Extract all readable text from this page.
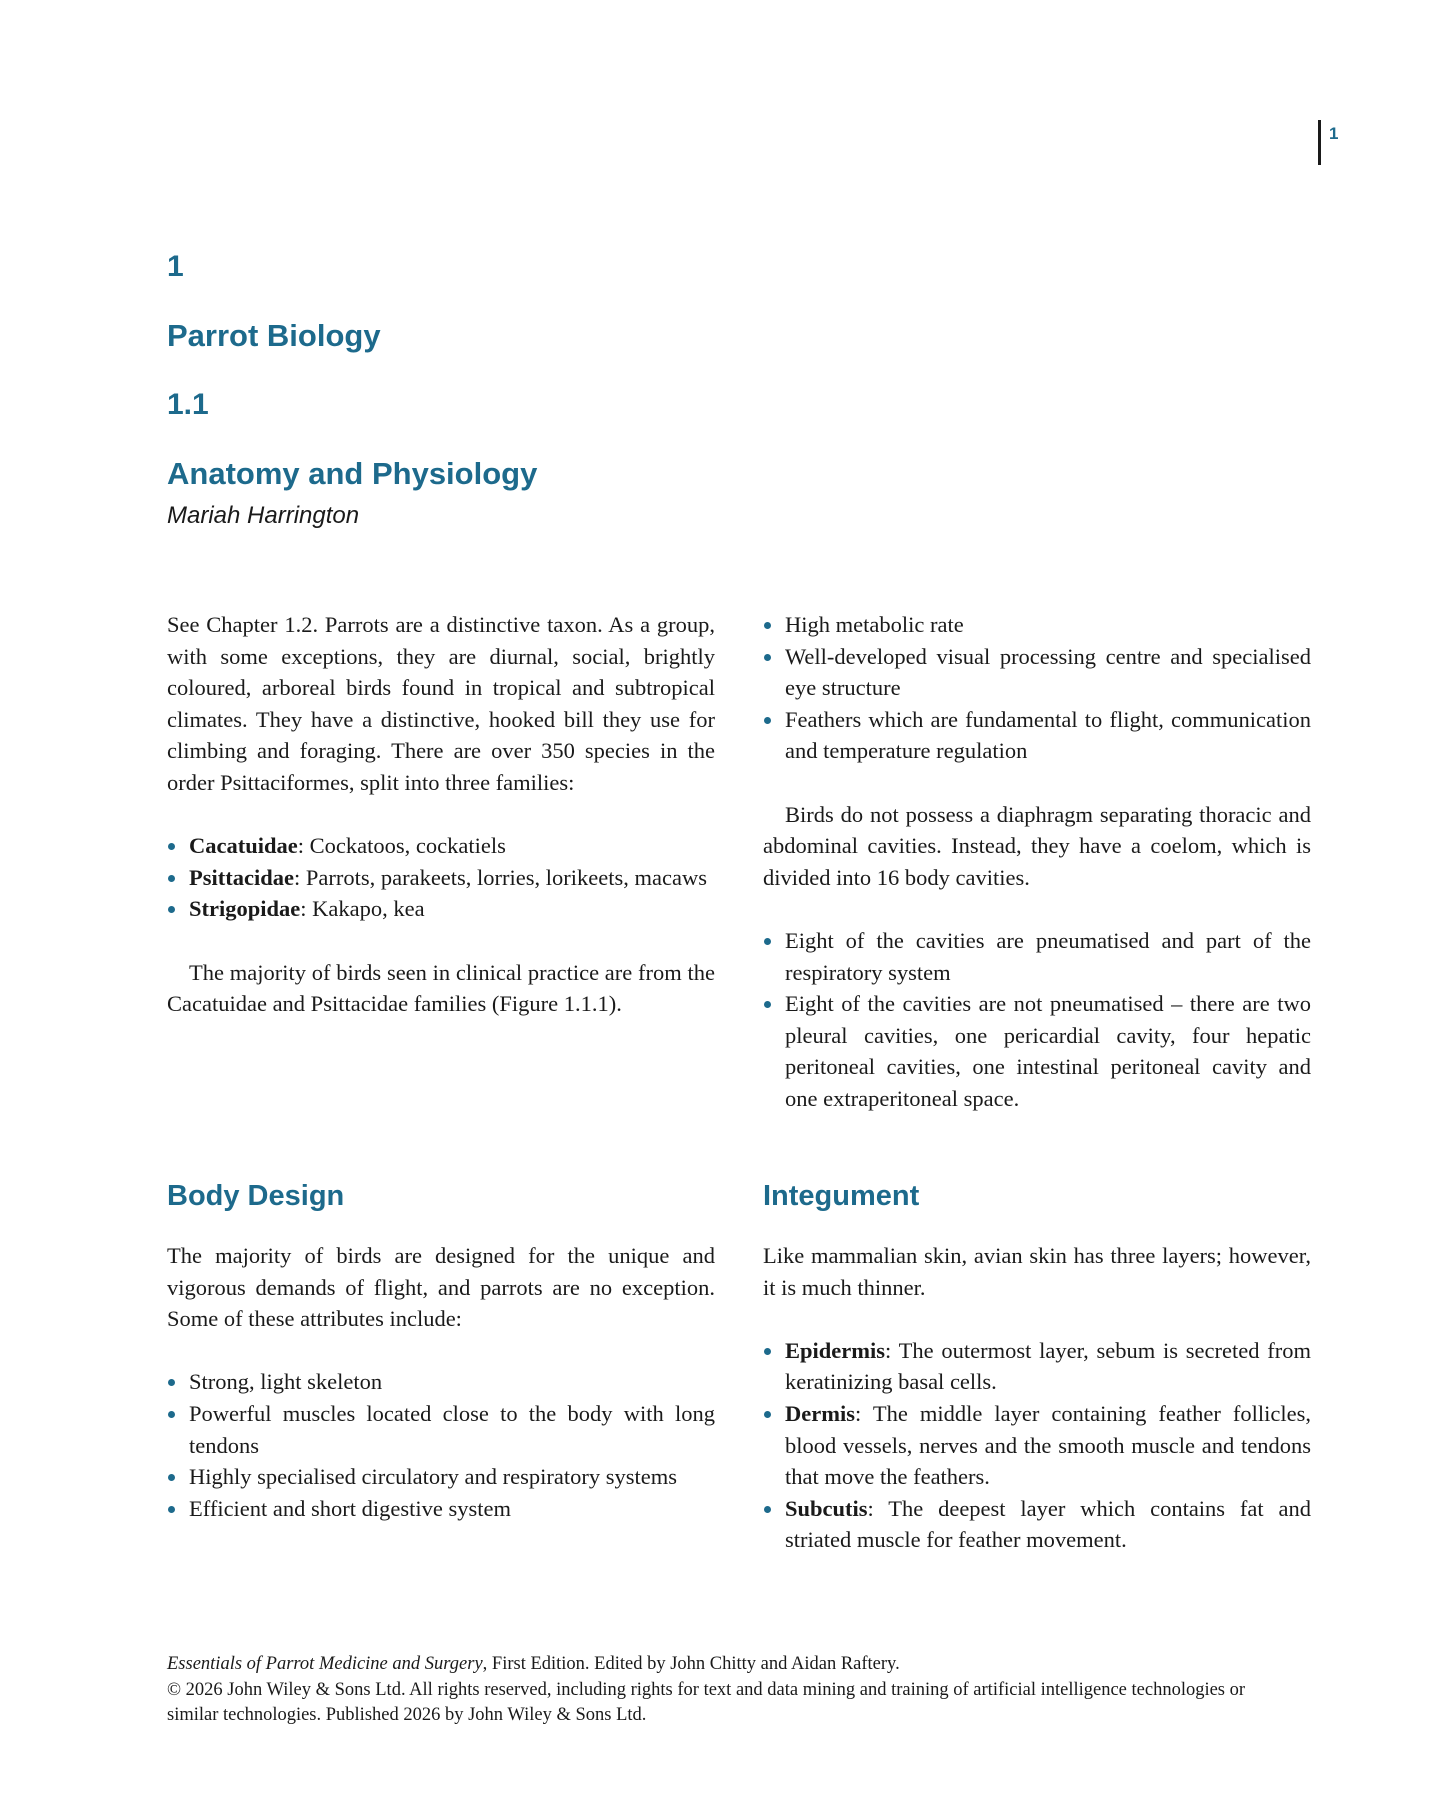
1
1
Parrot Biology
1.1
Anatomy and Physiology
Mariah Harrington

See Chapter 1.2. Parrots are a distinctive taxon. As a group, with some exceptions, they are diurnal, social, brightly coloured, arboreal birds found in tropical and subtropical climates. They have a distinctive, hooked bill they use for climbing and foraging. There are over 350 species in the order Psittaciformes, split into three families:

Cacatuidae: Cockatoos, cockatiels
Psittacidae: Parrots, parakeets, lorries, lorikeets, macaws
Strigopidae: Kakapo, kea

The majority of birds seen in clinical practice are from the Cacatuidae and Psittacidae families (Figure 1.1.1).

High metabolic rate
Well-developed visual processing centre and specialised eye structure
Feathers which are fundamental to flight, communication and temperature regulation

Birds do not possess a diaphragm separating thoracic and abdominal cavities. Instead, they have a coelom, which is divided into 16 body cavities.

Eight of the cavities are pneumatised and part of the respiratory system
Eight of the cavities are not pneumatised – there are two pleural cavities, one pericardial cavity, four hepatic peritoneal cavities, one intestinal peritoneal cavity and one extraperitoneal space.

Body Design

The majority of birds are designed for the unique and vigorous demands of flight, and parrots are no exception. Some of these attributes include:

Strong, light skeleton
Powerful muscles located close to the body with long tendons
Highly specialised circulatory and respiratory systems
Efficient and short digestive system

Integument

Like mammalian skin, avian skin has three layers; however, it is much thinner.

Epidermis: The outermost layer, sebum is secreted from keratinizing basal cells.
Dermis: The middle layer containing feather follicles, blood vessels, nerves and the smooth muscle and tendons that move the feathers.
Subcutis: The deepest layer which contains fat and striated muscle for feather movement.

Essentials of Parrot Medicine and Surgery, First Edition. Edited by John Chitty and Aidan Raftery.

© 2026 John Wiley & Sons Ltd. All rights reserved, including rights for text and data mining and training of artificial intelligence technologies or similar technologies. Published 2026 by John Wiley & Sons Ltd.
